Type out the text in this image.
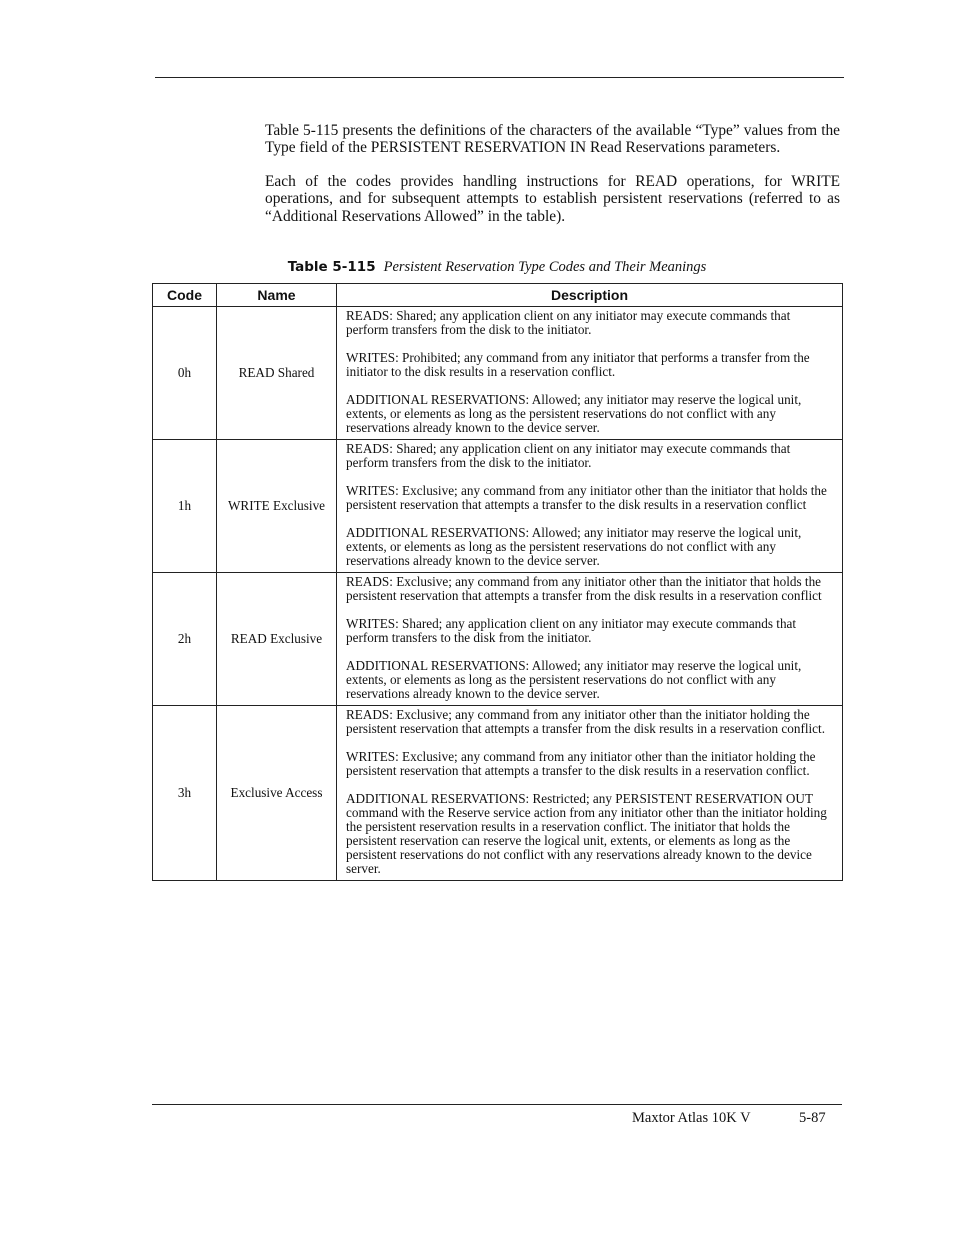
Table 5-115 presents the definitions of the characters of the available “Type” values from the Type field of the PERSISTENT RESERVATION IN Read Reservations parameters.

Each of the codes provides handling instructions for READ operations, for WRITE operations, and for subsequent attempts to establish persistent reservations (referred to as “Additional Reservations Allowed” in the table).

Table 5-115 Persistent Reservation Type Codes and Their Meanings
Code	Name	Description
0h	READ Shared	READS: Shared; any application client on any initiator may execute commands that perform transfers from the disk to the initiator.

WRITES: Prohibited; any command from any initiator that performs a transfer from the initiator to the disk results in a reservation conflict.

ADDITIONAL RESERVATIONS: Allowed; any initiator may reserve the logical unit, extents, or elements as long as the persistent reservations do not conflict with any reservations already known to the device server.

1h	WRITE Exclusive	READS: Shared; any application client on any initiator may execute commands that perform transfers from the disk to the initiator.

WRITES: Exclusive; any command from any initiator other than the initiator that holds the persistent reservation that attempts a transfer to the disk results in a reservation conflict

ADDITIONAL RESERVATIONS: Allowed; any initiator may reserve the logical unit, extents, or elements as long as the persistent reservations do not conflict with any reservations already known to the device server.

2h	READ Exclusive	READS: Exclusive; any command from any initiator other than the initiator that holds the persistent reservation that attempts a transfer from the disk results in a reservation conflict

WRITES: Shared; any application client on any initiator may execute commands that perform transfers to the disk from the initiator.

ADDITIONAL RESERVATIONS: Allowed; any initiator may reserve the logical unit, extents, or elements as long as the persistent reservations do not conflict with any reservations already known to the device server.

3h	Exclusive Access	READS: Exclusive; any command from any initiator other than the initiator holding the persistent reservation that attempts a transfer from the disk results in a reservation conflict.

WRITES: Exclusive; any command from any initiator other than the initiator holding the persistent reservation that attempts a transfer to the disk results in a reservation conflict.

ADDITIONAL RESERVATIONS: Restricted; any PERSISTENT RESERVATION OUT command with the Reserve service action from any initiator other than the initiator holding the persistent reservation results in a reservation conflict. The initiator that holds the persistent reservation can reserve the logical unit, extents, or elements as long as the persistent reservations do not conflict with any reservations already known to the device server.

Maxtor Atlas 10K V	5-87
